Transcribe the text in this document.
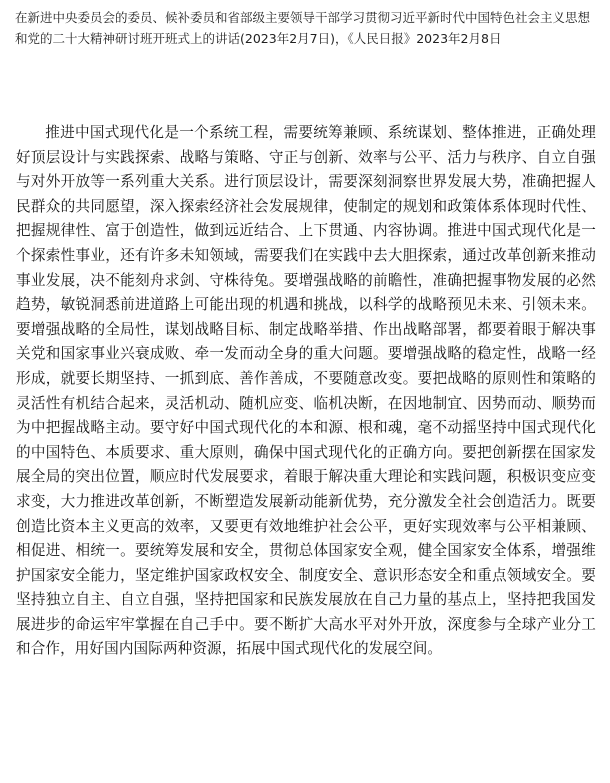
在新进中央委员会的委员、候补委员和省部级主要领导干部学习贯彻习近平新时代中国特色社会主义思想和党的二十大精神研讨班开班式上的讲话(2023年2月7日)，《人民日报》2023年2月8日

推进中国式现代化是一个系统工程，需要统筹兼顾、系统谋划、整体推进，正确处理好顶层设计与实践探索、战略与策略、守正与创新、效率与公平、活力与秩序、自立自强与对外开放等一系列重大关系。进行顶层设计，需要深刻洞察世界发展大势，准确把握人民群众的共同愿望，深入探索经济社会发展规律，使制定的规划和政策体系体现时代性、把握规律性、富于创造性，做到远近结合、上下贯通、内容协调。推进中国式现代化是一个探索性事业，还有许多未知领域，需要我们在实践中去大胆探索，通过改革创新来推动事业发展，决不能刻舟求剑、守株待兔。要增强战略的前瞻性，准确把握事物发展的必然趋势，敏锐洞悉前进道路上可能出现的机遇和挑战，以科学的战略预见未来、引领未来。要增强战略的全局性，谋划战略目标、制定战略举措、作出战略部署，都要着眼于解决事关党和国家事业兴衰成败、牵一发而动全身的重大问题。要增强战略的稳定性，战略一经形成，就要长期坚持、一抓到底、善作善成，不要随意改变。要把战略的原则性和策略的灵活性有机结合起来，灵活机动、随机应变、临机决断，在因地制宜、因势而动、顺势而为中把握战略主动。要守好中国式现代化的本和源、根和魂，毫不动摇坚持中国式现代化的中国特色、本质要求、重大原则，确保中国式现代化的正确方向。要把创新摆在国家发展全局的突出位置，顺应时代发展要求，着眼于解决重大理论和实践问题，积极识变应变求变，大力推进改革创新，不断塑造发展新动能新优势，充分激发全社会创造活力。既要创造比资本主义更高的效率，又要更有效地维护社会公平，更好实现效率与公平相兼顾、相促进、相统一。要统筹发展和安全，贯彻总体国家安全观，健全国家安全体系，增强维护国家安全能力，坚定维护国家政权安全、制度安全、意识形态安全和重点领域安全。要坚持独立自主、自立自强，坚持把国家和民族发展放在自己力量的基点上，坚持把我国发展进步的命运牢牢掌握在自己手中。要不断扩大高水平对外开放，深度参与全球产业分工和合作，用好国内国际两种资源，拓展中国式现代化的发展空间。
